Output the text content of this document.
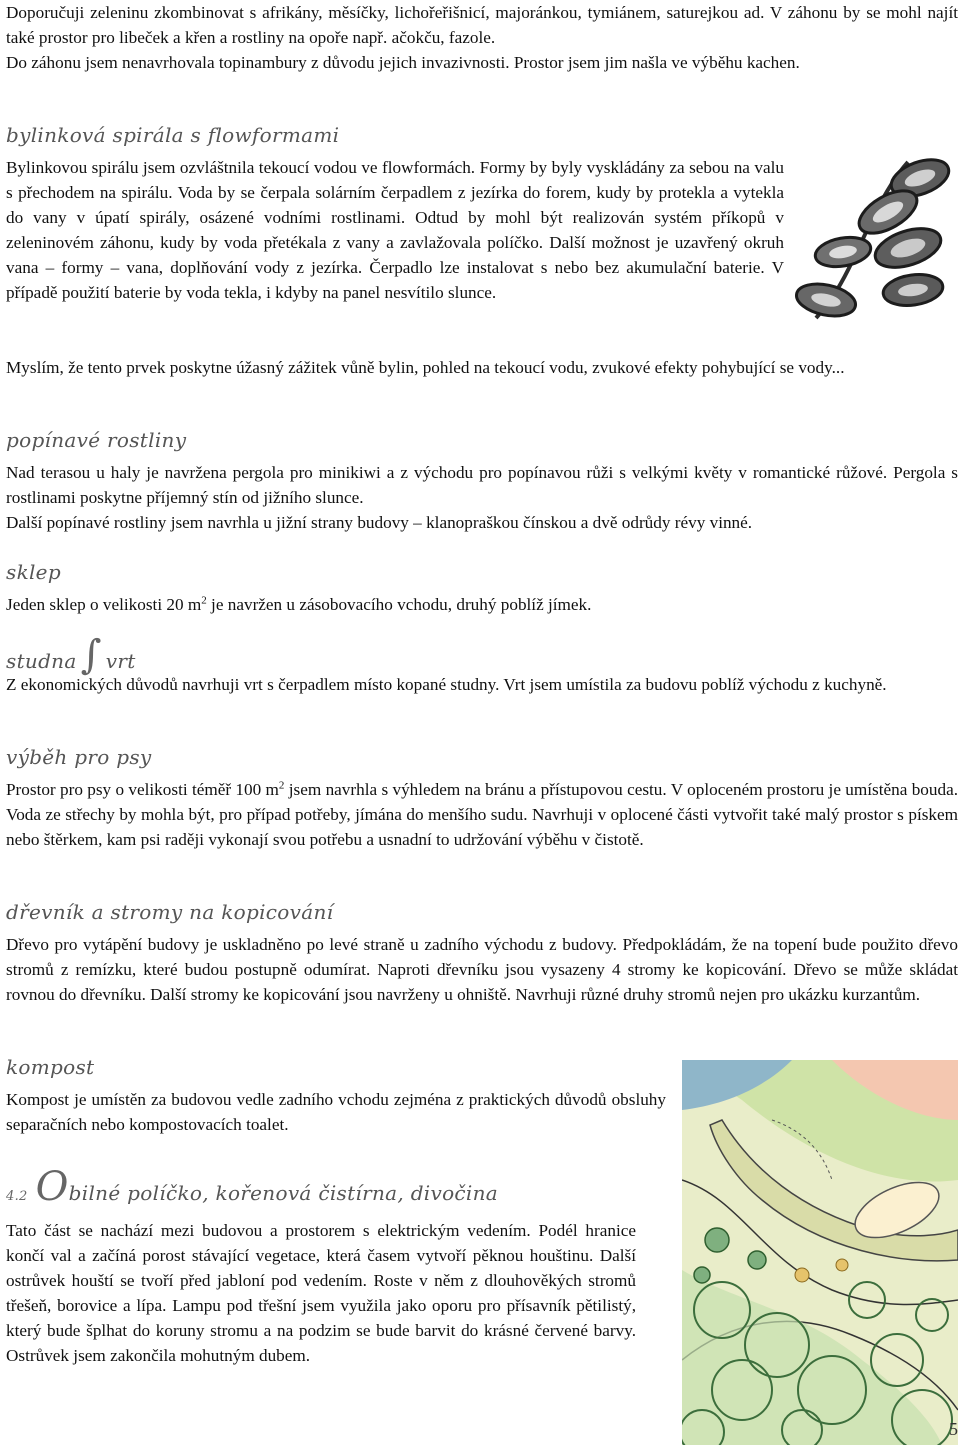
Doporučuji zeleninu zkombinovat s afrikány, měsíčky, lichořeřišnicí, majoránkou, tymiánem, saturejkou ad. V záhonu by se mohl najít také prostor pro libeček a křen a rostliny na opoře např. ačokču, fazole.

Do záhonu jsem nenavrhovala topinambury z důvodu jejich invazivnosti. Prostor jsem jim našla ve výběhu kachen.

bylinková spirála s flowformami

Bylinkovou spirálu jsem ozvláštnila tekoucí vodou ve flowformách. Formy by byly vyskládány za sebou na valu s přechodem na spirálu. Voda by se čerpala solárním čerpadlem z jezírka do forem, kudy by protekla a vytekla do vany v úpatí spirály, osázené vodními rostlinami. Odtud by mohl být realizován systém příkopů v zeleninovém záhonu, kudy by voda přetékala z vany a zavlažovala políčko. Další možnost je uzavřený okruh vana – formy – vana, doplňování vody z jezírka. Čerpadlo lze instalovat s nebo bez akumulační baterie. V případě použití baterie by voda tekla, i kdyby na panel nesvítilo slunce.

Myslím, že tento prvek poskytne úžasný zážitek vůně bylin, pohled na tekoucí vodu, zvukové efekty pohybující se vody...

popínavé rostliny

Nad terasou u haly je navržena pergola pro minikiwi a z východu pro popínavou růži s velkými květy v romantické růžové. Pergola s rostlinami poskytne příjemný stín od jižního slunce.

Další popínavé rostliny jsem navrhla u jižní strany budovy – klanopraškou čínskou a dvě odrůdy révy vinné.

sklep

Jeden sklep o velikosti 20 $m^2$ je navržen u zásobovacího vchodu, druhý poblíž jímek.

studna ∫ vrt

Z ekonomických důvodů navrhuji vrt s čerpadlem místo kopané studny. Vrt jsem umístila za budovu poblíž východu z kuchyně.

výběh pro psy

Prostor pro psy o velikosti téměř 100 $m^2$ jsem navrhla s výhledem na bránu a přístupovou cestu. V oploceném prostoru je umístěna bouda. Voda ze střechy by mohla být, pro případ potřeby, jímána do menšího sudu. Navrhuji v oplocené části vytvořit také malý prostor s pískem nebo štěrkem, kam psi raději vykonají svou potřebu a usnadní to udržování výběhu v čistotě.

dřevník a stromy na kopicování

Dřevo pro vytápění budovy je uskladněno po levé straně u zadního východu z budovy. Předpokládám, že na topení bude použito dřevo stromů z remízku, které budou postupně odumírat. Naproti dřevníku jsou vysazeny 4 stromy ke kopicování. Dřevo se může skládat rovnou do dřevníku. Další stromy ke kopicování jsou navrženy u ohniště. Navrhuji různé druhy stromů nejen pro ukázku kurzantům.

kompost

Kompost je umístěn za budovou vedle zadního vchodu zejména z praktických důvodů obsluhy separačních nebo kompostovacích toalet.

4.2 Obilné políčko, kořenová čistírna, divočina

Tato část se nachází mezi budovou a prostorem s elektrickým vedením. Podél hranice končí val a začíná porost stávající vegetace, která časem vytvoří pěknou houštinu. Další ostrůvek houští se tvoří před jabloní pod vedením. Roste v něm z dlouhověkých stromů třešeň, borovice a lípa. Lampu pod třešní jsem využila jako oporu pro přísavník pětilistý, který bude šplhat do koruny stromu a na podzim se bude barvit do krásné červené barvy. Ostrůvek jsem zakončila mohutným dubem.

5
